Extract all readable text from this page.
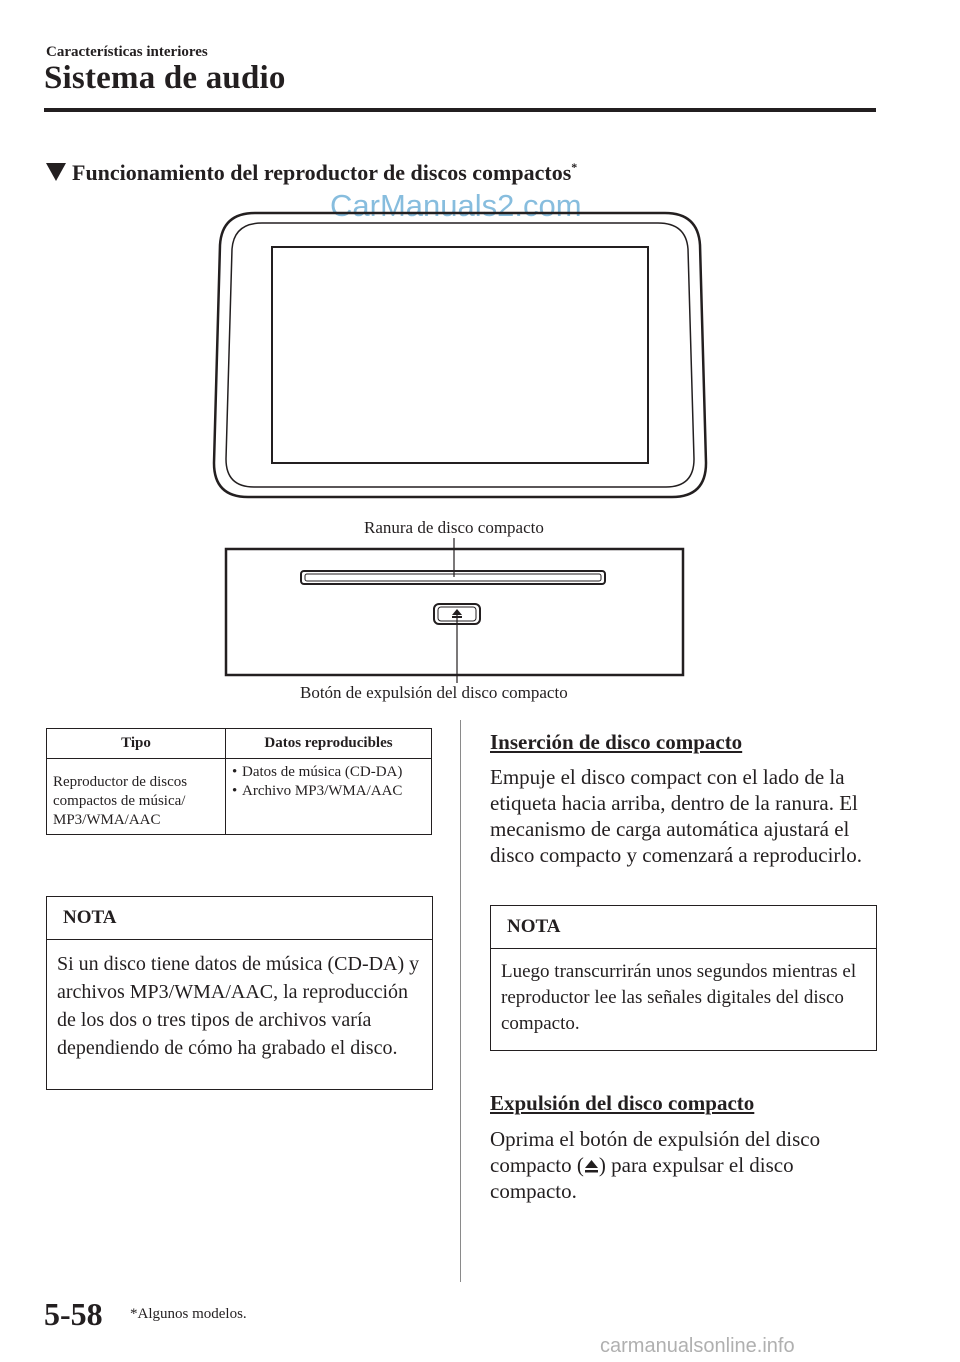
Características interiores
Sistema de audio
Funcionamiento del reproductor de discos compactos*
CarManuals2.com
Ranura de disco compacto
Botón de expulsión del disco compacto
Tipo	Datos reproducibles
Reproductor de discos compactos de música/ MP3/WMA/AAC	• Datos de música (CD-DA)
• Archivo MP3/WMA/AAC
NOTA
Si un disco tiene datos de música (CD-DA) y archivos MP3/WMA/AAC, la reproducción de los dos o tres tipos de archivos varía dependiendo de cómo ha grabado el disco.
Inserción de disco compacto
Empuje el disco compact con el lado de la etiqueta hacia arriba, dentro de la ranura. El mecanismo de carga automática ajustará el disco compacto y comenzará a reproducirlo.
NOTA
Luego transcurrirán unos segundos mientras el reproductor lee las señales digitales del disco compacto.
Expulsión del disco compacto
Oprima el botón de expulsión del disco compacto ( ) para expulsar el disco compacto.
5-58 *Algunos modelos.
carmanualsonline.info
